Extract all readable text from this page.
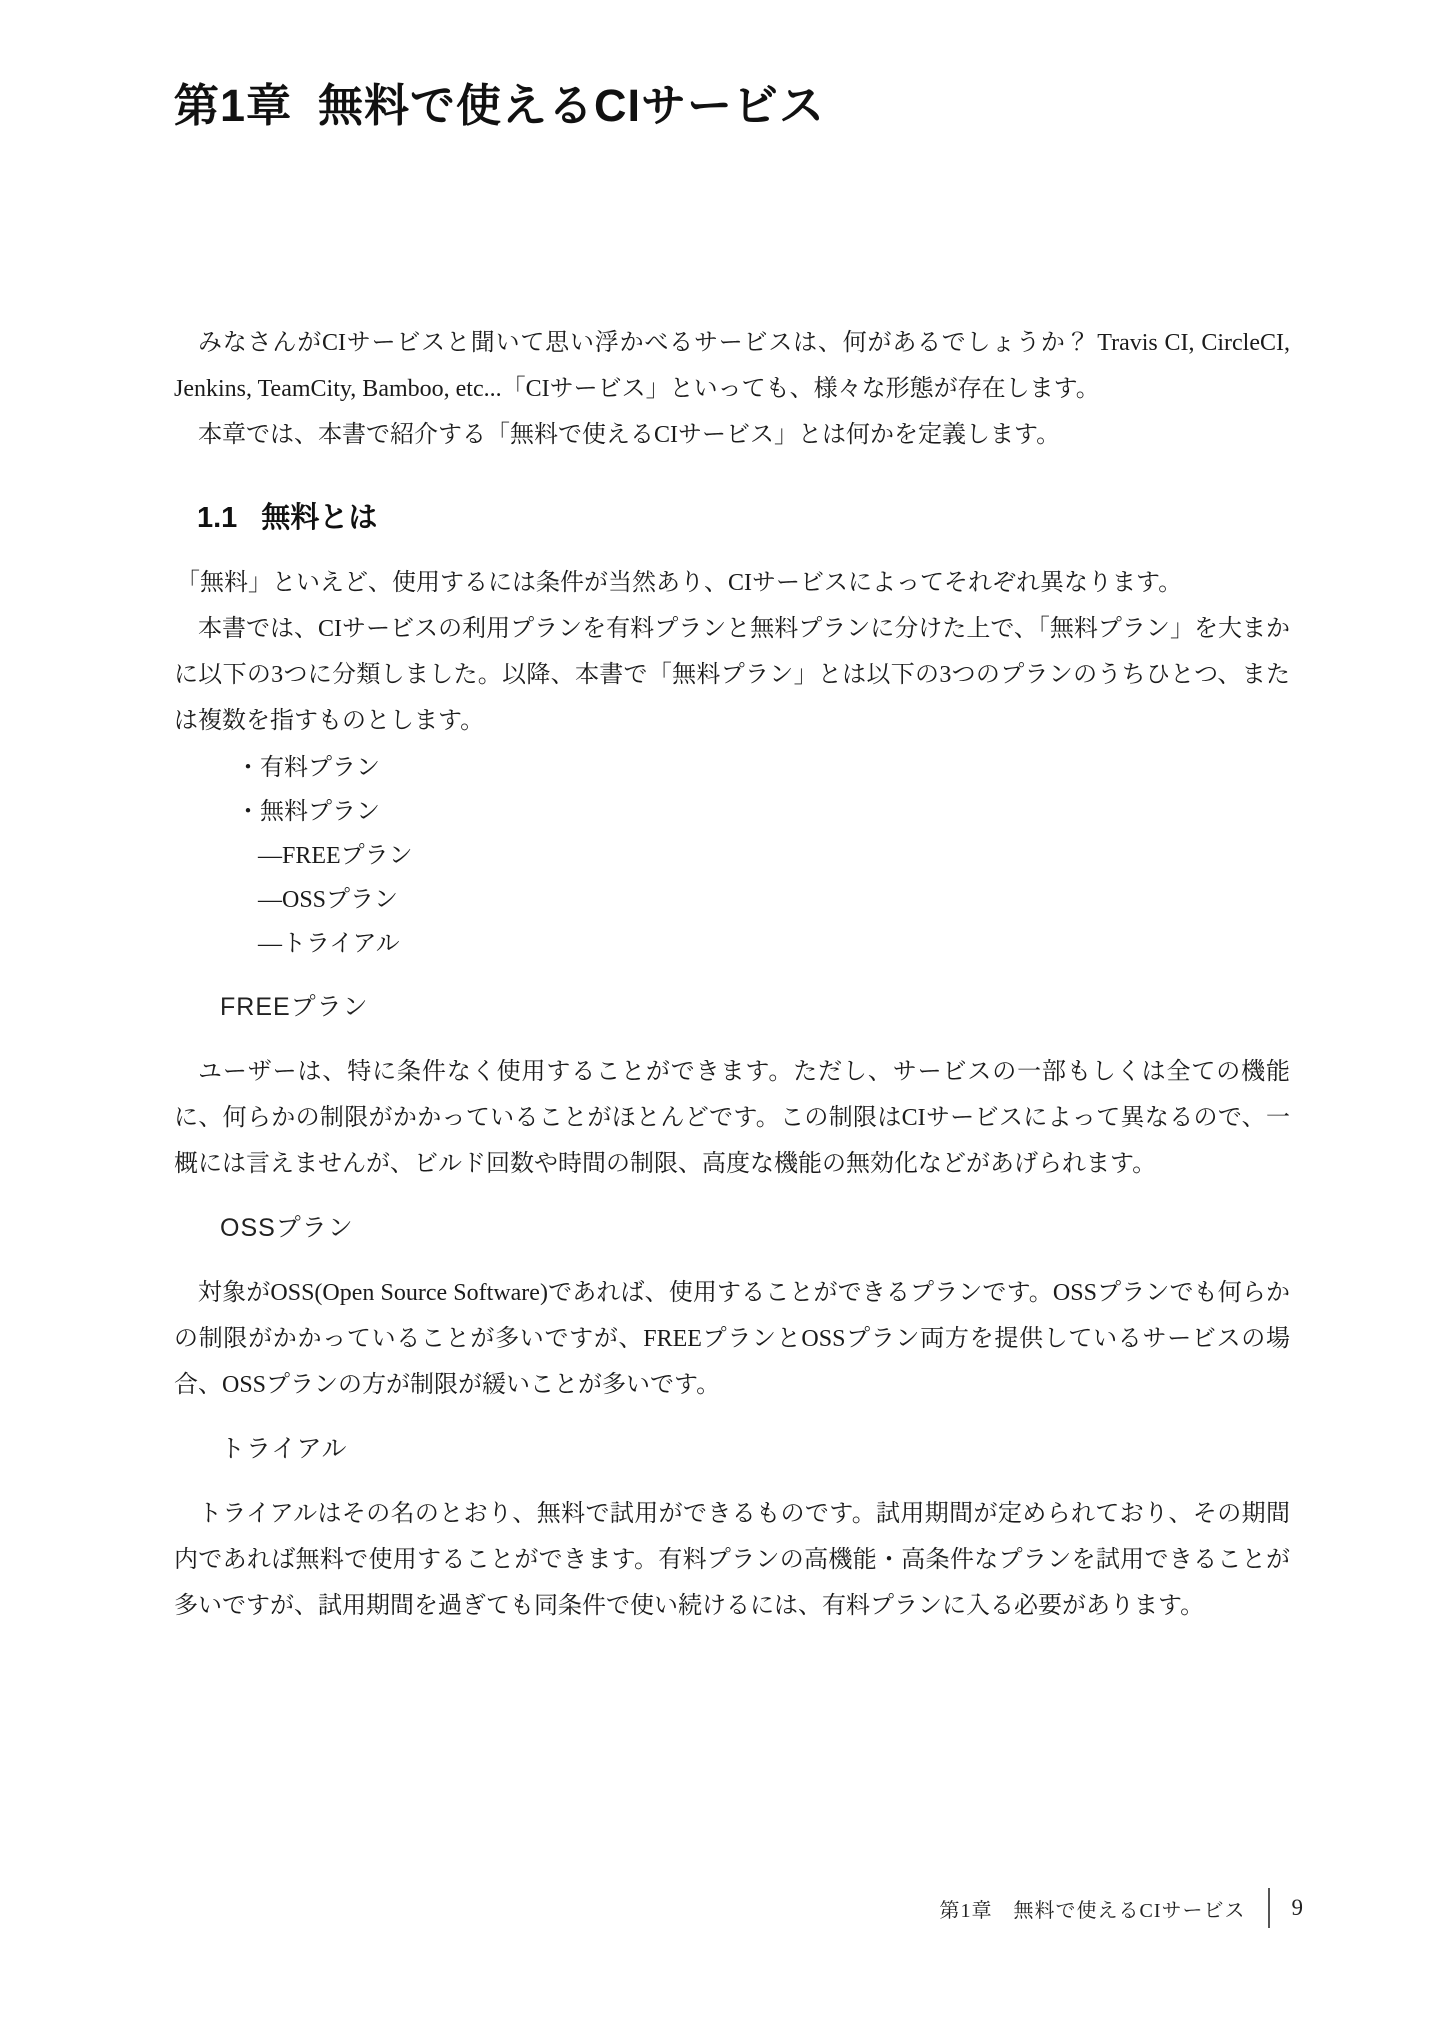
第1章 無料で使えるCIサービス

みなさんがCIサービスと聞いて思い浮かべるサービスは、何があるでしょうか？ Travis CI, CircleCI, Jenkins, TeamCity, Bamboo, etc...「CIサービス」といっても、様々な形態が存在します。

本章では、本書で紹介する「無料で使えるCIサービス」とは何かを定義します。

1.1 無料とは

「無料」といえど、使用するには条件が当然あり、CIサービスによってそれぞれ異なります。

本書では、CIサービスの利用プランを有料プランと無料プランに分けた上で、「無料プラン」を大まかに以下の3つに分類しました。以降、本書で「無料プラン」とは以下の3つのプランのうちひとつ、または複数を指すものとします。

・有料プラン
・無料プラン
―FREEプラン
―OSSプラン
―トライアル
FREEプラン

ユーザーは、特に条件なく使用することができます。ただし、サービスの一部もしくは全ての機能に、何らかの制限がかかっていることがほとんどです。この制限はCIサービスによって異なるので、一概には言えませんが、ビルド回数や時間の制限、高度な機能の無効化などがあげられます。

OSSプラン

対象がOSS(Open Source Software)であれば、使用することができるプランです。OSSプランでも何らかの制限がかかっていることが多いですが、FREEプランとOSSプラン両方を提供しているサービスの場合、OSSプランの方が制限が緩いことが多いです。

トライアル

トライアルはその名のとおり、無料で試用ができるものです。試用期間が定められており、その期間内であれば無料で使用することができます。有料プランの高機能・高条件なプランを試用できることが多いですが、試用期間を過ぎても同条件で使い続けるには、有料プランに入る必要があります。

第1章　無料で使えるCIサービス 9
